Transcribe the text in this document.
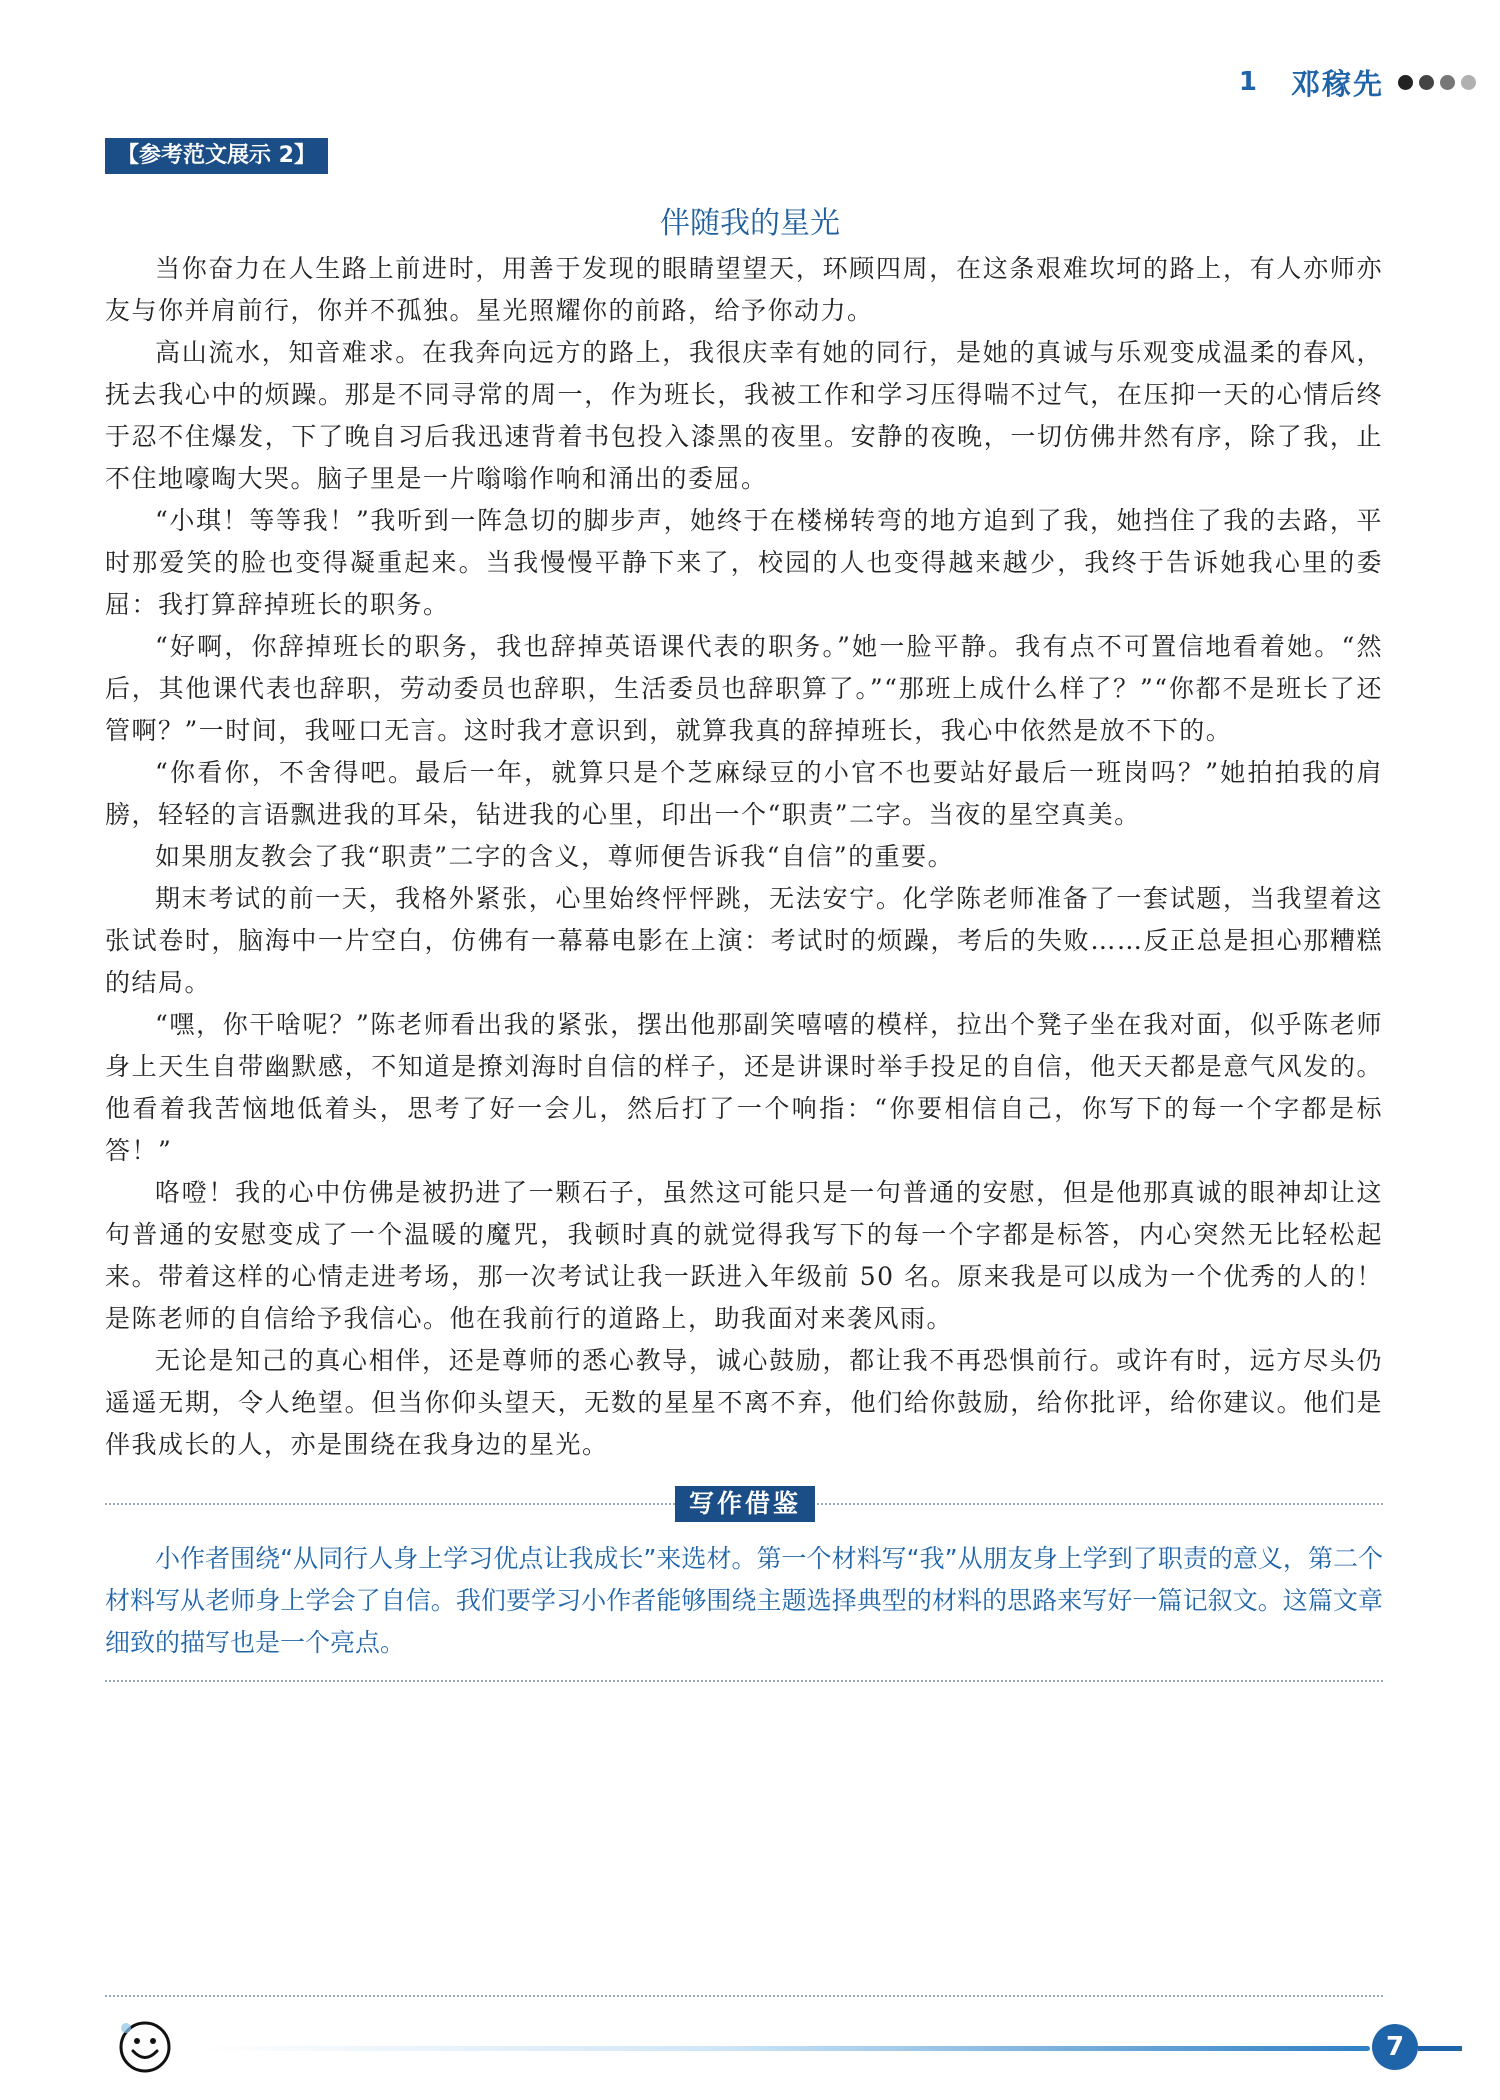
1 邓稼先
【参考范文展示 2】
伴随我的星光

当你奋力在人生路上前进时，用善于发现的眼睛望望天，环顾四周，在这条艰难坎坷的路上，有人亦师亦友与你并肩前行，你并不孤独。星光照耀你的前路，给予你动力。

高山流水，知音难求。在我奔向远方的路上，我很庆幸有她的同行，是她的真诚与乐观变成温柔的春风，抚去我心中的烦躁。那是不同寻常的周一，作为班长，我被工作和学习压得喘不过气，在压抑一天的心情后终于忍不住爆发，下了晚自习后我迅速背着书包投入漆黑的夜里。安静的夜晚，一切仿佛井然有序，除了我，止不住地嚎啕大哭。脑子里是一片嗡嗡作响和涌出的委屈。

“小琪！等等我！”我听到一阵急切的脚步声，她终于在楼梯转弯的地方追到了我，她挡住了我的去路，平时那爱笑的脸也变得凝重起来。当我慢慢平静下来了，校园的人也变得越来越少，我终于告诉她我心里的委屈：我打算辞掉班长的职务。

“好啊，你辞掉班长的职务，我也辞掉英语课代表的职务。”她一脸平静。我有点不可置信地看着她。“然后，其他课代表也辞职，劳动委员也辞职，生活委员也辞职算了。”“那班上成什么样了？”“你都不是班长了还管啊？”一时间，我哑口无言。这时我才意识到，就算我真的辞掉班长，我心中依然是放不下的。

“你看你，不舍得吧。最后一年，就算只是个芝麻绿豆的小官不也要站好最后一班岗吗？”她拍拍我的肩膀，轻轻的言语飘进我的耳朵，钻进我的心里，印出一个“职责”二字。当夜的星空真美。

如果朋友教会了我“职责”二字的含义，尊师便告诉我“自信”的重要。

期末考试的前一天，我格外紧张，心里始终怦怦跳，无法安宁。化学陈老师准备了一套试题，当我望着这张试卷时，脑海中一片空白，仿佛有一幕幕电影在上演：考试时的烦躁，考后的失败……反正总是担心那糟糕的结局。

“嘿，你干啥呢？”陈老师看出我的紧张，摆出他那副笑嘻嘻的模样，拉出个凳子坐在我对面，似乎陈老师身上天生自带幽默感，不知道是撩刘海时自信的样子，还是讲课时举手投足的自信，他天天都是意气风发的。他看着我苦恼地低着头，思考了好一会儿，然后打了一个响指：“你要相信自己，你写下的每一个字都是标答！”

咯噔！我的心中仿佛是被扔进了一颗石子，虽然这可能只是一句普通的安慰，但是他那真诚的眼神却让这句普通的安慰变成了一个温暖的魔咒，我顿时真的就觉得我写下的每一个字都是标答，内心突然无比轻松起来。带着这样的心情走进考场，那一次考试让我一跃进入年级前 50 名。原来我是可以成为一个优秀的人的！是陈老师的自信给予我信心。他在我前行的道路上，助我面对来袭风雨。

无论是知己的真心相伴，还是尊师的悉心教导，诚心鼓励，都让我不再恐惧前行。或许有时，远方尽头仍遥遥无期，令人绝望。但当你仰头望天，无数的星星不离不弃，他们给你鼓励，给你批评，给你建议。他们是伴我成长的人，亦是围绕在我身边的星光。

写作借鉴

小作者围绕“从同行人身上学习优点让我成长”来选材。第一个材料写“我”从朋友身上学到了职责的意义，第二个材料写从老师身上学会了自信。我们要学习小作者能够围绕主题选择典型的材料的思路来写好一篇记叙文。这篇文章细致的描写也是一个亮点。

7
